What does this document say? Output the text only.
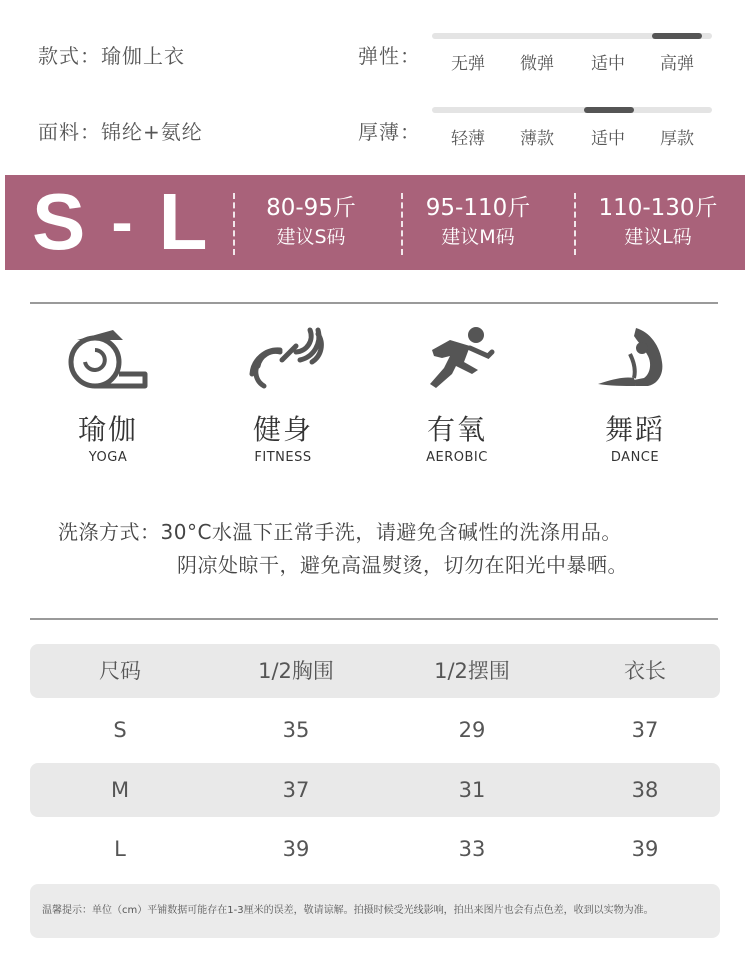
款式：瑜伽上衣
面料：锦纶+氨纶
弹性：	无弹	微弹	适中	高弹
厚薄：	轻薄	薄款	适中	厚款
S - L	80-95斤
建议S码
95-110斤
建议M码
110-130斤
建议L码
瑜伽
YOGA
健身
FITNESS
有氧
AEROBIC
舞蹈
DANCE
洗涤方式：30°C水温下正常手洗，请避免含碱性的洗涤用品。
阴凉处晾干，避免高温熨烫，切勿在阳光中暴晒。
尺码	1/2胸围	1/2摆围	衣长
S	35	29	37
M	37	31	38
L	39	33	39
温馨提示：单位（cm）平铺数据可能存在1-3厘米的误差，敬请谅解。拍摄时候受光线影响，拍出来图片也会有点色差，收到以实物为准。
